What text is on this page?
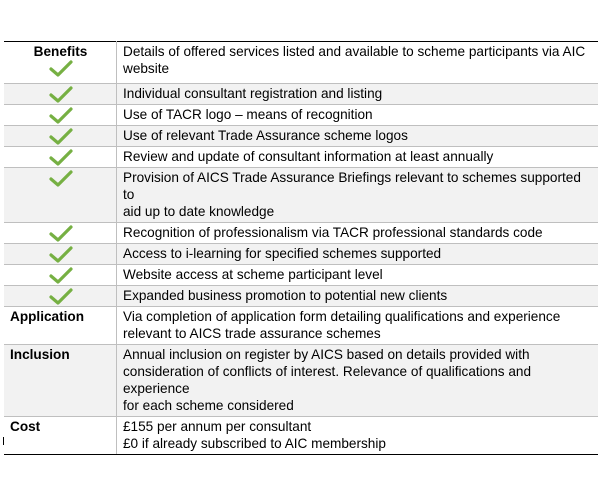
Benefits	Details of offered services listed and available to scheme participants via AIC
website

Individual consultant registration and listing

Use of TACR logo – means of recognition

Use of relevant Trade Assurance scheme logos

Review and update of consultant information at least annually

Provision of AICS Trade Assurance Briefings relevant to schemes supported to
aid up to date knowledge

Recognition of professionalism via TACR professional standards code

Access to i-learning for specified schemes supported

Website access at scheme participant level

Expanded business promotion to potential new clients

Application	Via completion of application form detailing qualifications and experience
relevant to AICS trade assurance schemes

Inclusion	Annual inclusion on register by AICS based on details provided with
consideration of conflicts of interest. Relevance of qualifications and experience
for each scheme considered

Cost	£155 per annum per consultant
£0 if already subscribed to AIC membership
